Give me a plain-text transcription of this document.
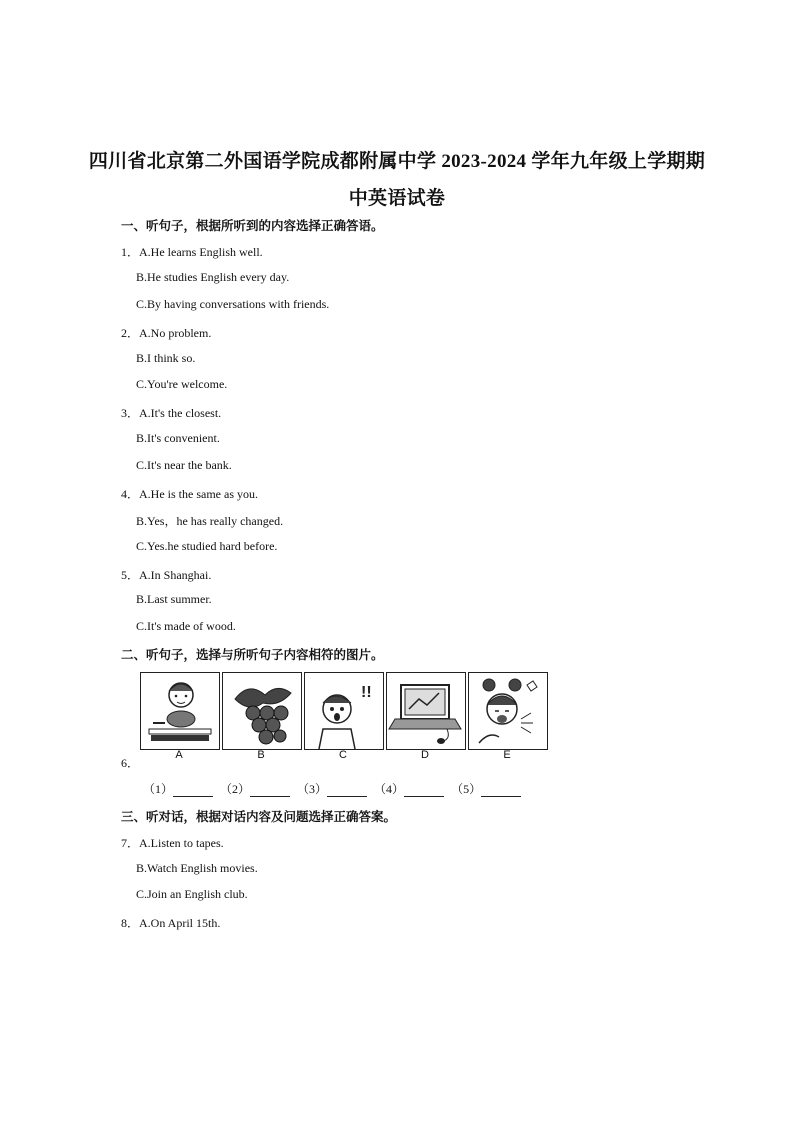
四川省北京第二外国语学院成都附属中学 2023-2024 学年九年级上学期期
中英语试卷
一、听句子，根据所听到的内容选择正确答语。
1．A.He learns English well.
B.He studies English every day.
C.By having conversations with friends.
2．A.No problem.
B.I think so.
C.You're welcome.
3．A.It's the closest.
B.It's convenient.
C.It's near the bank.
4．A.He is the same as you.
B.Yes，he has really changed.
C.Yes.he studied hard before.
5．A.In Shanghai.
B.Last summer.
C.It's made of wood.
二、听句子，选择与所听句子内容相符的图片。
A	B
!!
C	D	E
6．
（1）	（2）	（3）	（4）	（5）
三、听对话，根据对话内容及问题选择正确答案。
7．A.Listen to tapes.
B.Watch English movies.
C.Join an English club.
8．A.On April 15th.
